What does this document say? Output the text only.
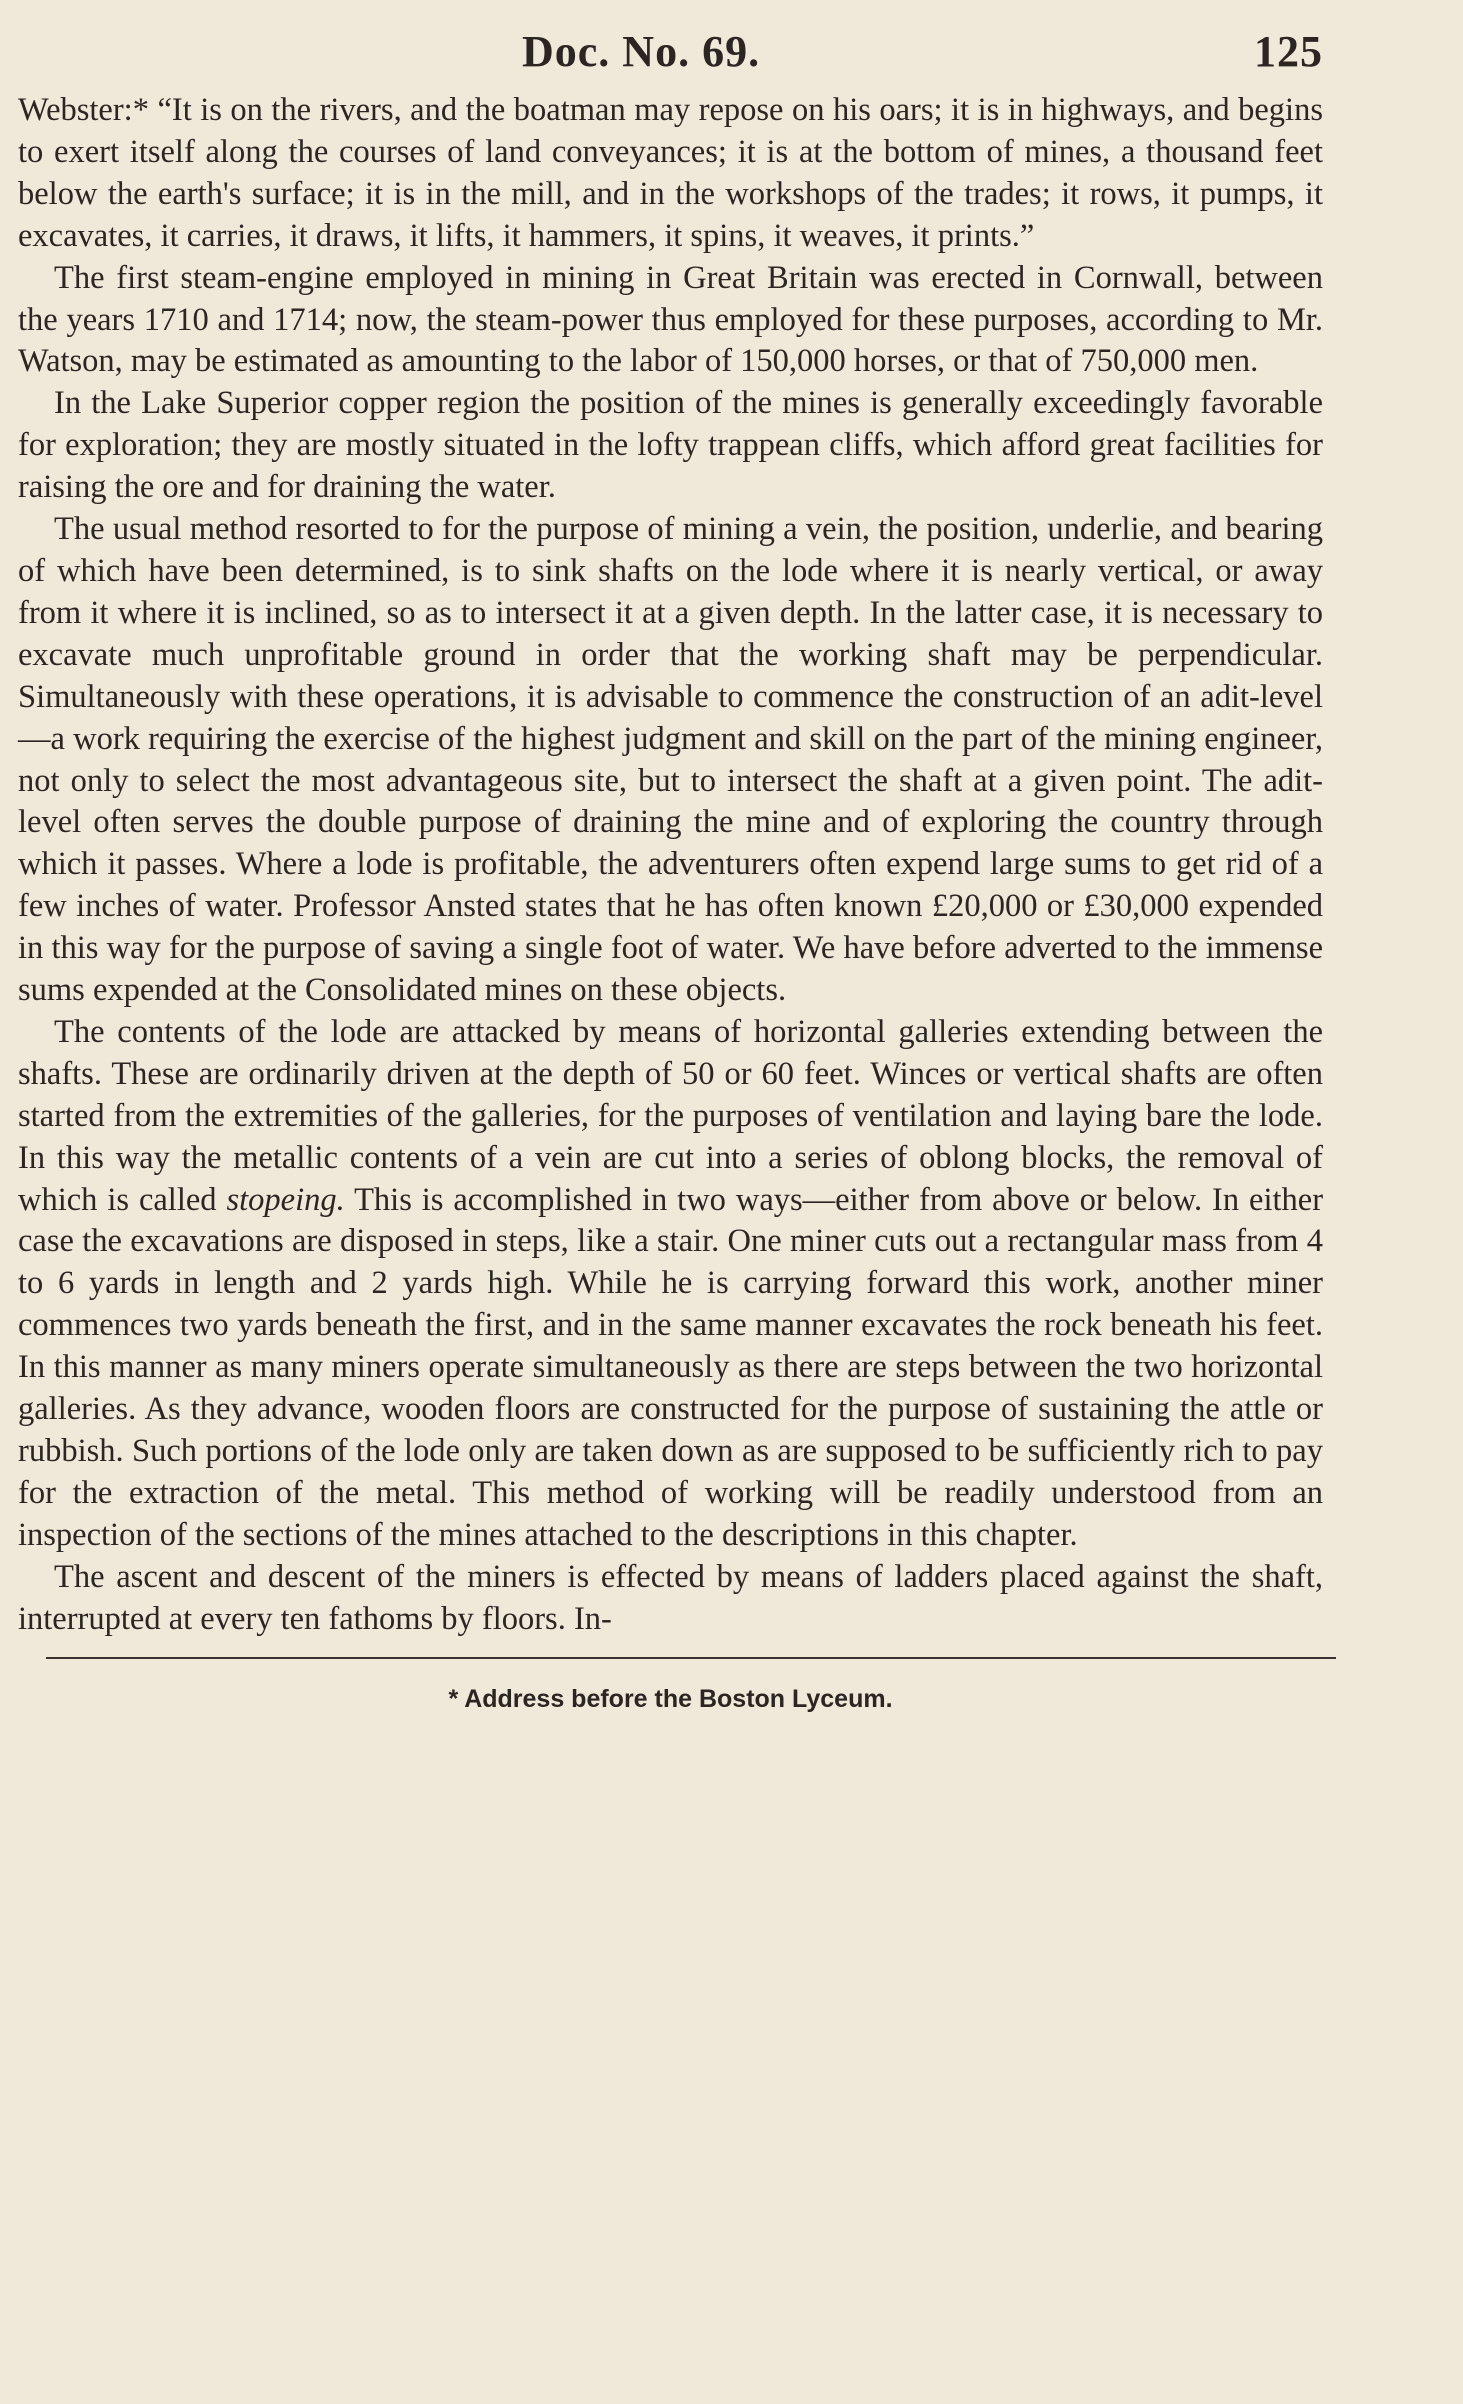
Doc. No. 69.	125

Webster:* “It is on the rivers, and the boatman may repose on his oars; it is in highways, and begins to exert itself along the courses of land conveyances; it is at the bottom of mines, a thousand feet below the earth's surface; it is in the mill, and in the workshops of the trades; it rows, it pumps, it excavates, it carries, it draws, it lifts, it hammers, it spins, it weaves, it prints.”

The first steam-engine employed in mining in Great Britain was erected in Cornwall, between the years 1710 and 1714; now, the steam-power thus employed for these purposes, according to Mr. Watson, may be estimated as amounting to the labor of 150,000 horses, or that of 750,000 men.

In the Lake Superior copper region the position of the mines is generally exceedingly favorable for exploration; they are mostly situated in the lofty trappean cliffs, which afford great facilities for raising the ore and for draining the water.

The usual method resorted to for the purpose of mining a vein, the position, underlie, and bearing of which have been determined, is to sink shafts on the lode where it is nearly vertical, or away from it where it is inclined, so as to intersect it at a given depth. In the latter case, it is necessary to excavate much unprofitable ground in order that the working shaft may be perpendicular. Simultaneously with these operations, it is advisable to commence the construction of an adit-level—a work requiring the exercise of the highest judgment and skill on the part of the mining engineer, not only to select the most advantageous site, but to intersect the shaft at a given point. The adit-level often serves the double purpose of draining the mine and of exploring the country through which it passes. Where a lode is profitable, the adventurers often expend large sums to get rid of a few inches of water. Professor Ansted states that he has often known £20,000 or £30,000 expended in this way for the purpose of saving a single foot of water. We have before adverted to the immense sums expended at the Consolidated mines on these objects.

The contents of the lode are attacked by means of horizontal galleries extending between the shafts. These are ordinarily driven at the depth of 50 or 60 feet. Winces or vertical shafts are often started from the extremities of the galleries, for the purposes of ventilation and laying bare the lode. In this way the metallic contents of a vein are cut into a series of oblong blocks, the removal of which is called stopeing. This is accomplished in two ways—either from above or below. In either case the excavations are disposed in steps, like a stair. One miner cuts out a rectangular mass from 4 to 6 yards in length and 2 yards high. While he is carrying forward this work, another miner commences two yards beneath the first, and in the same manner excavates the rock beneath his feet. In this manner as many miners operate simultaneously as there are steps between the two horizontal galleries. As they advance, wooden floors are constructed for the purpose of sustaining the attle or rubbish. Such portions of the lode only are taken down as are supposed to be sufficiently rich to pay for the extraction of the metal. This method of working will be readily understood from an inspection of the sections of the mines attached to the descriptions in this chapter.

The ascent and descent of the miners is effected by means of ladders placed against the shaft, interrupted at every ten fathoms by floors. In-

* Address before the Boston Lyceum.
